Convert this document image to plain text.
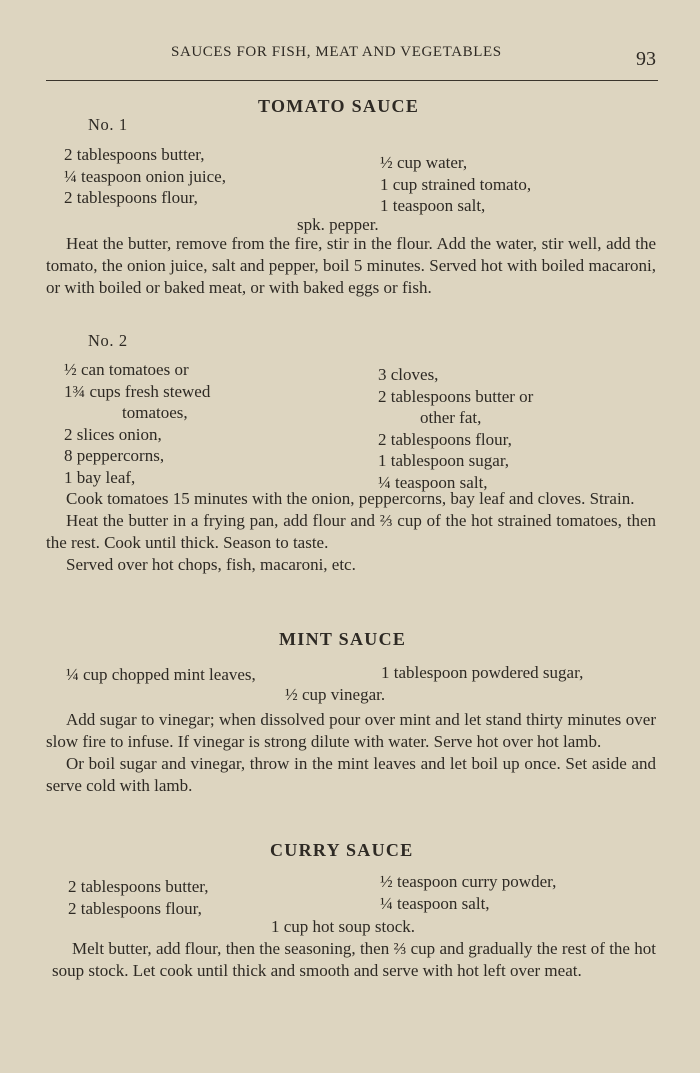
SAUCES FOR FISH, MEAT AND VEGETABLES	93
TOMATO SAUCE
No. 1
2 tablespoons butter,
¼ teaspoon onion juice,
2 tablespoons flour,
½ cup water,
1 cup strained tomato,
1 teaspoon salt,
spk. pepper.

Heat the butter, remove from the fire, stir in the flour. Add the water, stir well, add the tomato, the onion juice, salt and pepper, boil 5 minutes. Served hot with boiled macaroni, or with boiled or baked meat, or with baked eggs or fish.

No. 2
½ can tomatoes or
1¾ cups fresh stewed
tomatoes,
2 slices onion,
8 peppercorns,
1 bay leaf,
3 cloves,
2 tablespoons butter or
other fat,
2 tablespoons flour,
1 tablespoon sugar,
¼ teaspoon salt,

Cook tomatoes 15 minutes with the onion, peppercorns, bay leaf and cloves. Strain.

Heat the butter in a frying pan, add flour and ⅔ cup of the hot strained tomatoes, then the rest. Cook until thick. Season to taste.

Served over hot chops, fish, macaroni, etc.

MINT SAUCE
¼ cup chopped mint leaves,	1 tablespoon powdered sugar,
½ cup vinegar.

Add sugar to vinegar; when dissolved pour over mint and let stand thirty minutes over slow fire to infuse. If vinegar is strong dilute with water. Serve hot over hot lamb.

Or boil sugar and vinegar, throw in the mint leaves and let boil up once. Set aside and serve cold with lamb.

CURRY SAUCE
2 tablespoons butter,
2 tablespoons flour,
½ teaspoon curry powder,
¼ teaspoon salt,
1 cup hot soup stock.

Melt butter, add flour, then the seasoning, then ⅔ cup and gradually the rest of the hot soup stock. Let cook until thick and smooth and serve with hot left over meat.
